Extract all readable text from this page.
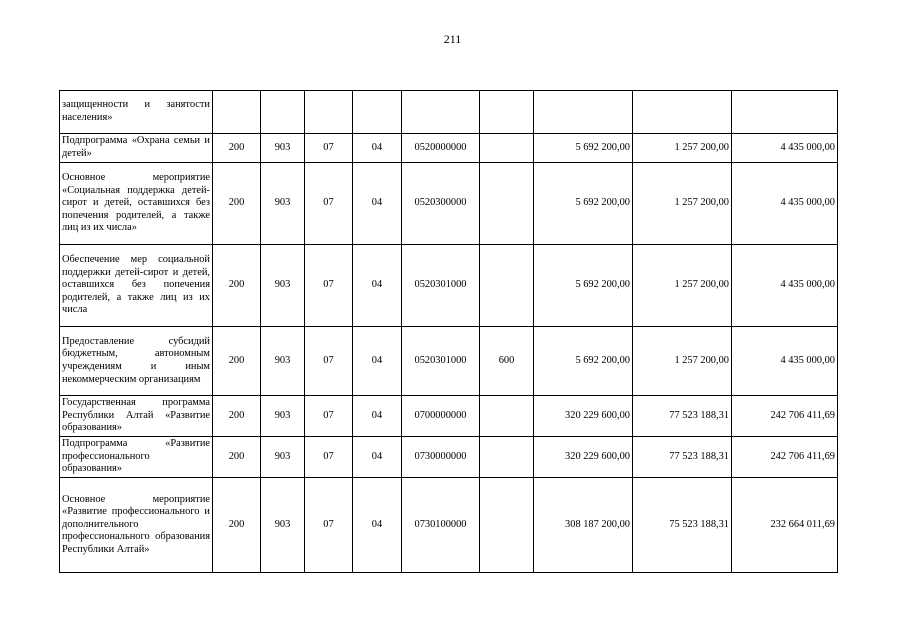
211
защищенности и занятости населения»									
Подпрограмма «Охрана семьи и детей»	200	903	07	04	0520000000		5 692 200,00	1 257 200,00	4 435 000,00
Основное мероприятие «Социальная поддержка детей-сирот и детей, оставшихся без попечения родителей, а также лиц из их числа»	200	903	07	04	0520300000		5 692 200,00	1 257 200,00	4 435 000,00
Обеспечение мер социальной поддержки детей-сирот и детей, оставшихся без попечения родителей, а также лиц из их числа	200	903	07	04	0520301000		5 692 200,00	1 257 200,00	4 435 000,00
Предоставление субсидий бюджетным, автономным учреждениям и иным некоммерческим организациям	200	903	07	04	0520301000	600	5 692 200,00	1 257 200,00	4 435 000,00
Государственная программа Республики Алтай «Развитие образования»	200	903	07	04	0700000000		320 229 600,00	77 523 188,31	242 706 411,69
Подпрограмма «Развитие профессионального образования»	200	903	07	04	0730000000		320 229 600,00	77 523 188,31	242 706 411,69
Основное мероприятие «Развитие профессионального и дополнительного профессионального образования Республики Алтай»	200	903	07	04	0730100000		308 187 200,00	75 523 188,31	232 664 011,69
